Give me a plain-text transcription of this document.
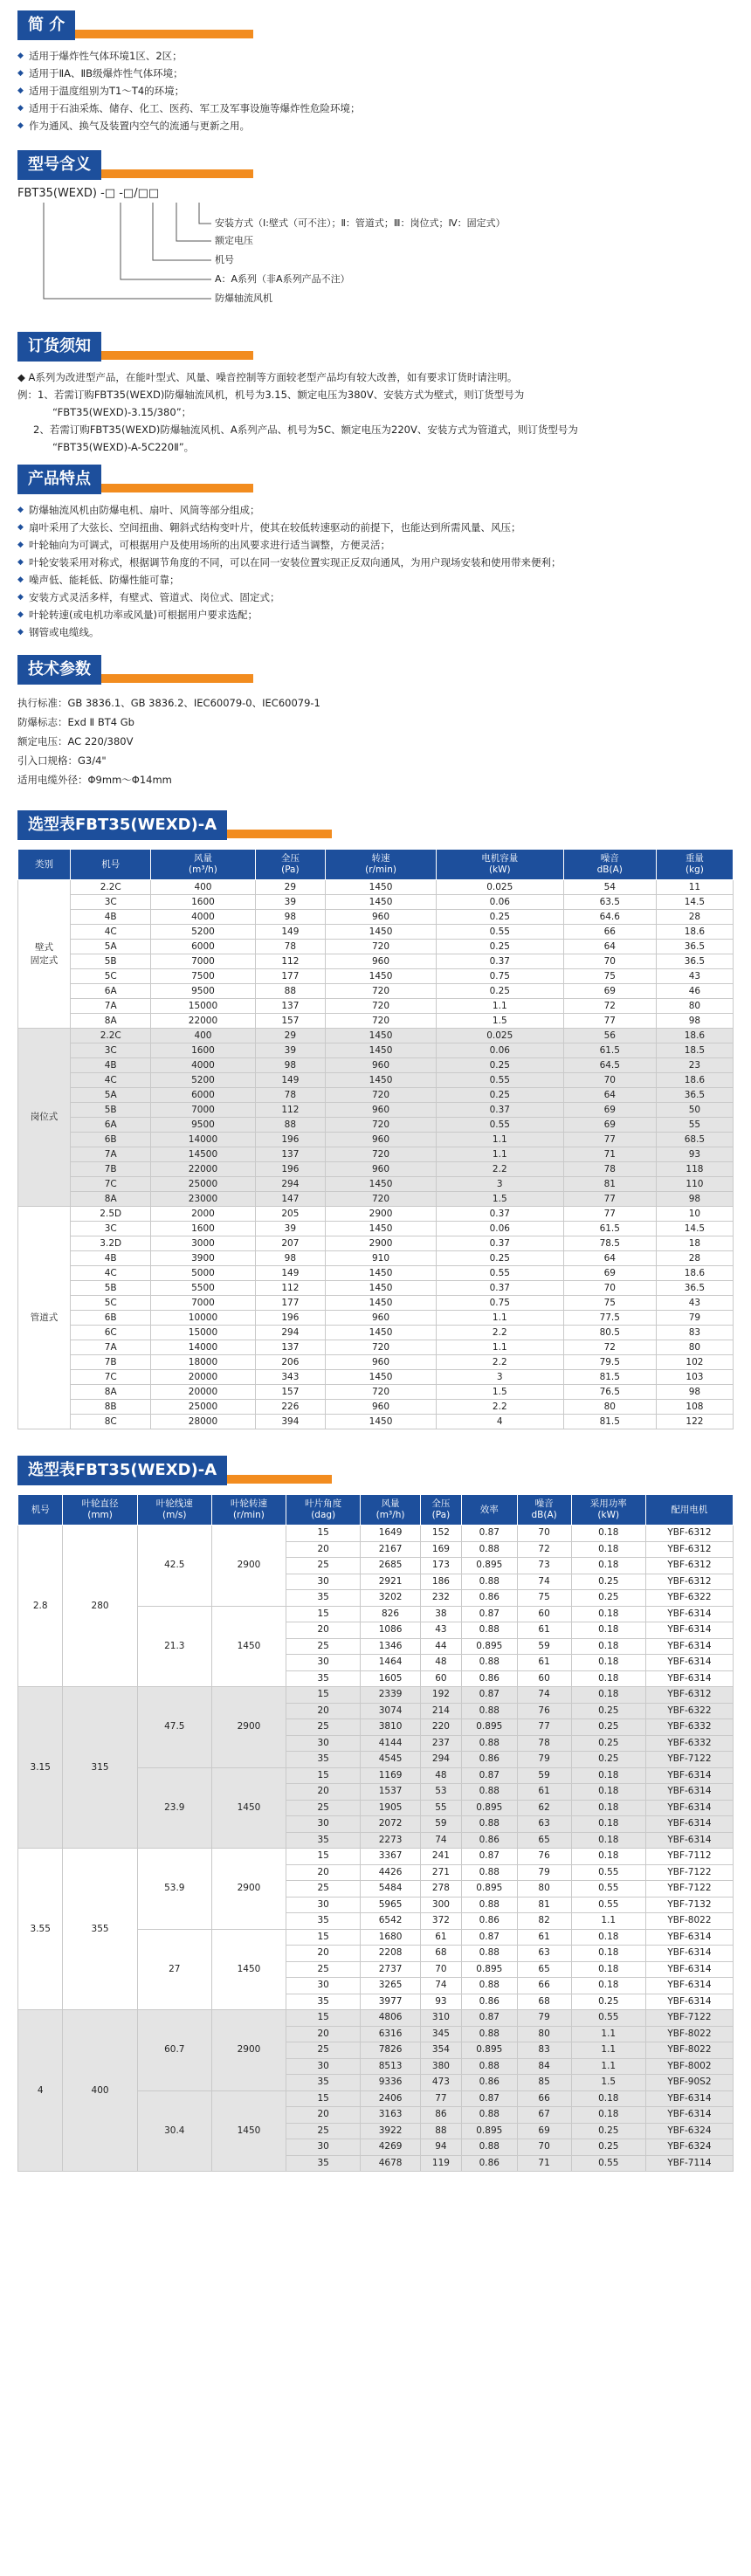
简 介
◆ 适用于爆炸性气体环境1区、2区；
◆ 适用于ⅡA、ⅡB级爆炸性气体环境；
◆ 适用于温度组别为T1～T4的环境；
◆ 适用于石油采炼、储存、化工、医药、军工及军事设施等爆炸性危险环境；
◆ 作为通风、换气及装置内空气的流通与更新之用。
型号含义
FBT35(WEXD) -□ -□/□□
安装方式（Ⅰ:壁式（可不注）；Ⅱ：管道式；Ⅲ：岗位式；Ⅳ：固定式）
额定电压
机号
A：A系列（非A系列产品不注）
防爆轴流风机
订货须知

◆ A系列为改进型产品，在能叶型式、风量、噪音控制等方面较老型产品均有较大改善，如有要求订货时请注明。

例：1、若需订购FBT35(WEXD)防爆轴流风机，机号为3.15、额定电压为380V、安装方式为壁式，则订货型号为

“FBT35(WEXD)-3.15/380”；

2、若需订购FBT35(WEXD)防爆轴流风机、A系列产品、机号为5C、额定电压为220V、安装方式为管道式，则订货型号为

“FBT35(WEXD)-A-5C220Ⅱ”。

产品特点
◆ 防爆轴流风机由防爆电机、扇叶、风筒等部分组成；
◆ 扇叶采用了大弦长、空间扭曲、翱斜式结构变叶片，使其在较低转速驱动的前提下，也能达到所需风量、风压；
◆ 叶轮轴向为可调式，可根据用户及使用场所的出风要求进行适当调整，方便灵活；
◆ 叶轮安装采用对称式，根据调节角度的不同，可以在同一安装位置实现正反双向通风，为用户现场安装和使用带来便利；
◆ 噪声低、能耗低、防爆性能可靠；
◆ 安装方式灵活多样，有壁式、管道式、岗位式、固定式；
◆ 叶轮转速(或电机功率或风量)可根据用户要求选配；
◆ 钢管或电缆线。
技术参数

执行标准：GB 3836.1、GB 3836.2、IEC60079-0、IEC60079-1

防爆标志：Exd Ⅱ BT4 Gb

额定电压：AC 220/380V

引入口规格：G3/4"

适用电缆外径：Φ9mm～Φ14mm

选型表FBT35(WEXD)-A
类别	机号	风量
(m³/h)	全压
(Pa)	转速
(r/min)	电机容量
(kW)	噪音
dB(A)	重量
(kg)
壁式
固定式	2.2C	400	29	1450	0.025	54	11
	3C	1600	39	1450	0.06	63.5	14.5
	4B	4000	98	960	0.25	64.6	28
	4C	5200	149	1450	0.55	66	18.6
	5A	6000	78	720	0.25	64	36.5
	5B	7000	112	960	0.37	70	36.5
	5C	7500	177	1450	0.75	75	43
	6A	9500	88	720	0.25	69	46
	7A	15000	137	720	1.1	72	80
	8A	22000	157	720	1.5	77	98
岗位式	2.2C	400	29	1450	0.025	56	18.6
	3C	1600	39	1450	0.06	61.5	18.5
	4B	4000	98	960	0.25	64.5	23
	4C	5200	149	1450	0.55	70	18.6
	5A	6000	78	720	0.25	64	36.5
	5B	7000	112	960	0.37	69	50
	6A	9500	88	720	0.55	69	55
	6B	14000	196	960	1.1	77	68.5
	7A	14500	137	720	1.1	71	93
	7B	22000	196	960	2.2	78	118
	7C	25000	294	1450	3	81	110
	8A	23000	147	720	1.5	77	98
管道式	2.5D	2000	205	2900	0.37	77	10
	3C	1600	39	1450	0.06	61.5	14.5
	3.2D	3000	207	2900	0.37	78.5	18
	4B	3900	98	910	0.25	64	28
	4C	5000	149	1450	0.55	69	18.6
	5B	5500	112	1450	0.37	70	36.5
	5C	7000	177	1450	0.75	75	43
	6B	10000	196	960	1.1	77.5	79
	6C	15000	294	1450	2.2	80.5	83
	7A	14000	137	720	1.1	72	80
	7B	18000	206	960	2.2	79.5	102
	7C	20000	343	1450	3	81.5	103
	8A	20000	157	720	1.5	76.5	98
	8B	25000	226	960	2.2	80	108
	8C	28000	394	1450	4	81.5	122
选型表FBT35(WEXD)-A
机号	叶轮直径
(mm)	叶轮线速
(m/s)	叶轮转速
(r/min)	叶片角度
(dag)	风量
(m³/h)	全压
(Pa)	效率	噪音
dB(A)	采用功率
(kW)	配用电机
2.8	280	42.5	2900	15	1649	152	0.87	70	0.18	YBF-6312
				20	2167	169	0.88	72	0.18	YBF-6312
				25	2685	173	0.895	73	0.18	YBF-6312
				30	2921	186	0.88	74	0.25	YBF-6312
				35	3202	232	0.86	75	0.25	YBF-6322
		21.3	1450	15	826	38	0.87	60	0.18	YBF-6314
				20	1086	43	0.88	61	0.18	YBF-6314
				25	1346	44	0.895	59	0.18	YBF-6314
				30	1464	48	0.88	61	0.18	YBF-6314
				35	1605	60	0.86	60	0.18	YBF-6314
3.15	315	47.5	2900	15	2339	192	0.87	74	0.18	YBF-6312
				20	3074	214	0.88	76	0.25	YBF-6322
				25	3810	220	0.895	77	0.25	YBF-6332
				30	4144	237	0.88	78	0.25	YBF-6332
				35	4545	294	0.86	79	0.25	YBF-7122
		23.9	1450	15	1169	48	0.87	59	0.18	YBF-6314
				20	1537	53	0.88	61	0.18	YBF-6314
				25	1905	55	0.895	62	0.18	YBF-6314
				30	2072	59	0.88	63	0.18	YBF-6314
				35	2273	74	0.86	65	0.18	YBF-6314
3.55	355	53.9	2900	15	3367	241	0.87	76	0.18	YBF-7112
				20	4426	271	0.88	79	0.55	YBF-7122
				25	5484	278	0.895	80	0.55	YBF-7122
				30	5965	300	0.88	81	0.55	YBF-7132
				35	6542	372	0.86	82	1.1	YBF-8022
		27	1450	15	1680	61	0.87	61	0.18	YBF-6314
				20	2208	68	0.88	63	0.18	YBF-6314
				25	2737	70	0.895	65	0.18	YBF-6314
				30	3265	74	0.88	66	0.18	YBF-6314
				35	3977	93	0.86	68	0.25	YBF-6314
4	400	60.7	2900	15	4806	310	0.87	79	0.55	YBF-7122
				20	6316	345	0.88	80	1.1	YBF-8022
				25	7826	354	0.895	83	1.1	YBF-8022
				30	8513	380	0.88	84	1.1	YBF-8002
				35	9336	473	0.86	85	1.5	YBF-90S2
		30.4	1450	15	2406	77	0.87	66	0.18	YBF-6314
				20	3163	86	0.88	67	0.18	YBF-6314
				25	3922	88	0.895	69	0.25	YBF-6324
				30	4269	94	0.88	70	0.25	YBF-6324
				35	4678	119	0.86	71	0.55	YBF-7114
